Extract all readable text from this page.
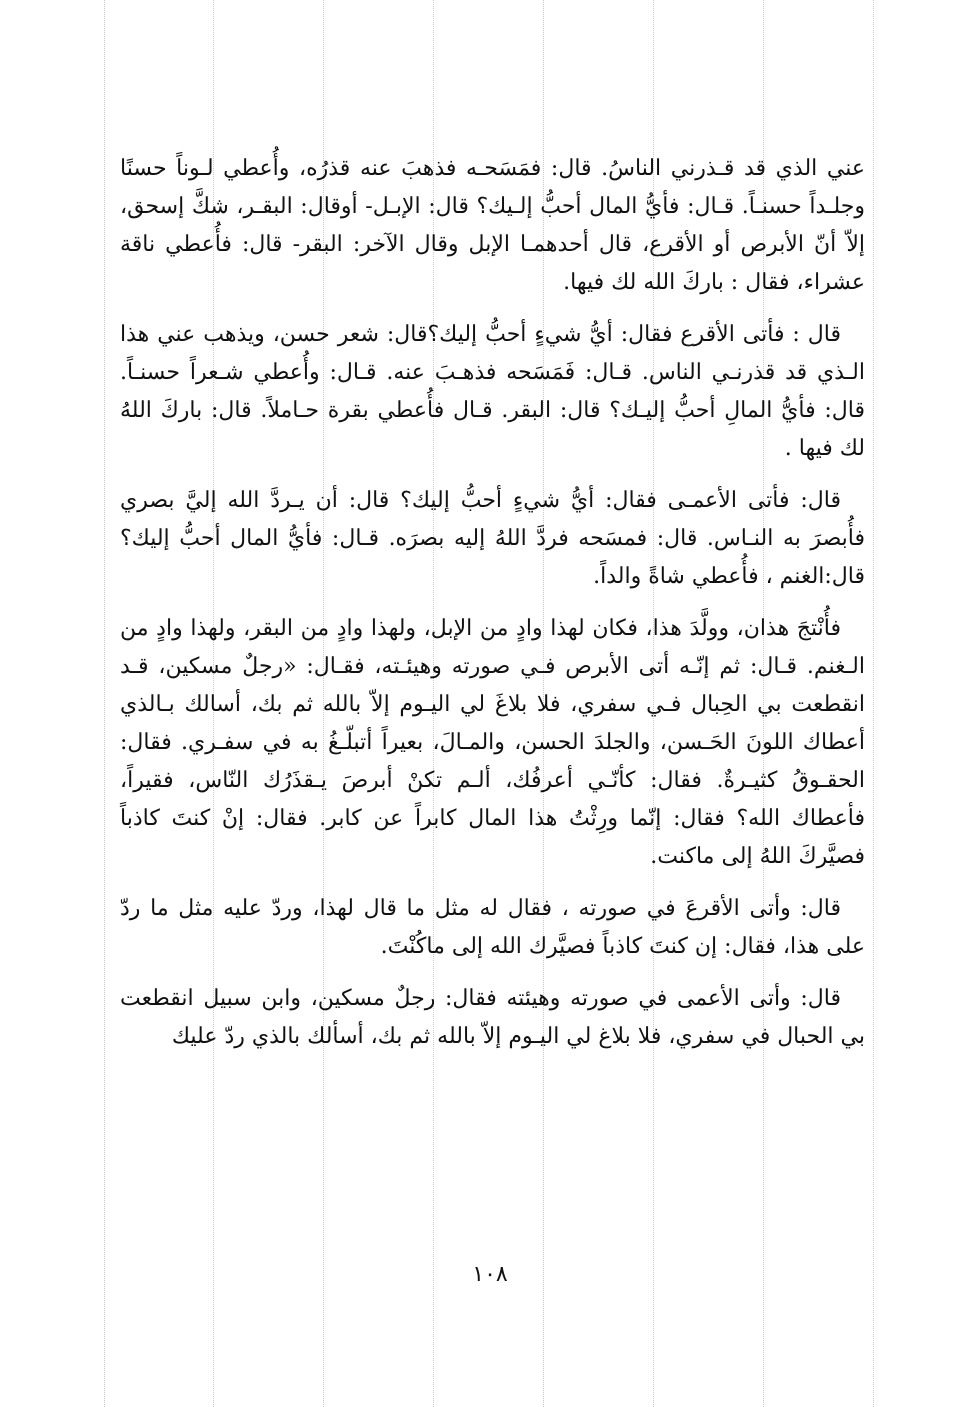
عني الذي قد قـذرني الناسُ. قال: فمَسَحـه فذهبَ عنه قذرُه، وأُعطي لـوناً حسنًا وجلـداً حسنـاً. قـال: فأيُّ المال أحبُّ إلـيك؟ قال: الإبـل- أوقال: البقـر، شكَّ إسحق، إلاّ أنّ الأبرص أو الأقرع، قال أحدهمـا الإبل وقال الآخر: البقر- قال: فأُعطي ناقة عشراء، فقال : باركَ الله لك فيها.

قال : فأتى الأقرع فقال: أيُّ شيءٍ أحبُّ إليك؟قال: شعر حسن، ويذهب عني هذا الـذي قد قذرنـي الناس. قـال: فَمَسَحه فذهـبَ عنه. قـال: وأُعطي شـعراً حسنـاً. قال: فأيُّ المالِ أحبُّ إليـك؟ قال: البقر. قـال فأُعطي بقرة حـاملاً. قال: باركَ اللهُ لك فيها .

قال: فأتى الأعمـى فقال: أيُّ شيءٍ أحبُّ إليك؟ قال: أن يـردَّ الله إليَّ بصري فأُبصرَ به النـاس. قال: فمسَحه فردَّ اللهُ إليه بصرَه. قـال: فأيُّ المال أحبُّ إليك؟ قال:الغنم ، فأُعطي شاةً والداً.

فأُنْتجَ هذان، وولَّدَ هذا، فكان لهذا وادٍ من الإبل، ولهذا وادٍ من البقر، ولهذا وادٍ من الـغنم. قـال: ثم إنّـه أتى الأبرص فـي صورته وهيئـته، فقـال: «رجلٌ مسكين، قـد انقطعت بي الحِبال فـي سفري، فلا بلاغَ لي اليـوم إلاّ بالله ثم بك، أسالك بـالذي أعطاك اللونَ الحَـسن، والجلدَ الحسن، والمـالَ، بعيراً أتبلّـغُ به في سفـري. فقال: الحقـوقُ كثيـرةٌ. فقال: كأنّـي أعرفُك، ألـم تكنْ أبرصَ يـقذَرُك النّاس، فقيراً، فأعطاك الله؟ فقال: إنّما ورِثْتُ هذا المال كابراً عن كابر. فقال: إنْ كنتَ كاذباً فصيَّركَ اللهُ إلى ماكنت.

قال: وأتى الأقرعَ في صورته ، فقال له مثل ما قال لهذا، وردّ عليه مثل ما ردّ على هذا، فقال: إن كنتَ كاذباً فصيَّرك الله إلى ماكُنْتَ.

قال: وأتى الأعمى في صورته وهيئته فقال: رجلٌ مسكين، وابن سبيل انقطعت بي الحبال في سفري، فلا بلاغ لي اليـوم إلاّ بالله ثم بك، أسألك بالذي ردّ عليك

١٠٨
